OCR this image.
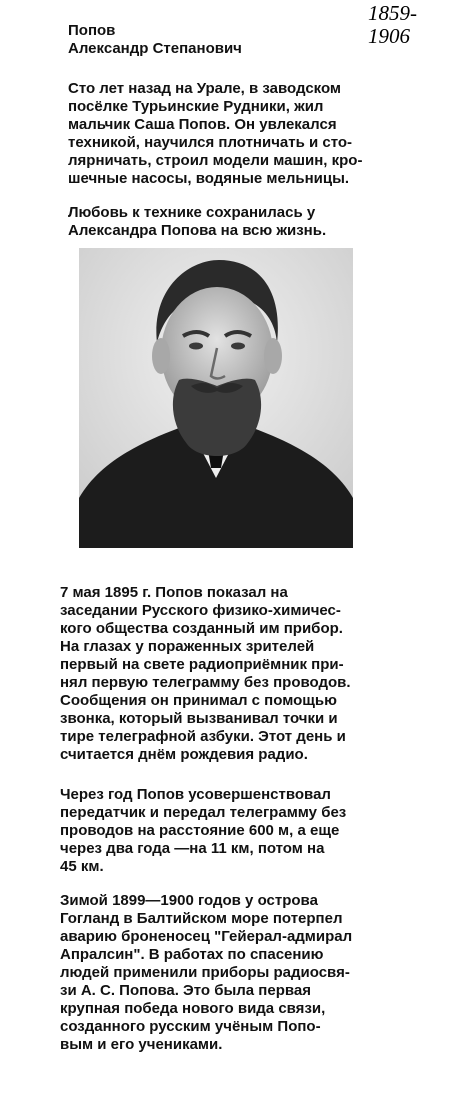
1859-
1906
Попов
Александр Степанович

Сто лет назад на Урале, в заводском
посёлке Турьинские Рудники, жил
мальчик Саша Попов. Он увлекался
техникой, научился плотничать и сто-
лярничать, строил модели машин, кро-
шечные насосы, водяные мельницы.

Любовь к технике сохранилась у
Александра Попова на всю жизнь.

7 мая 1895 г. Попов показал на
заседании Русского физико-химичес-
кого общества созданный им прибор.
На глазах у пораженных зрителей
первый на свете радиоприёмник при-
нял первую телеграмму без проводов.
Сообщения он принимал с помощью
звонка, который вызванивал точки и
тире телеграфной азбуки. Этот день и
считается днём рождевия радио.

Через год Попов усовершенствовал
передатчик и передал телеграмму без
проводов на расстояние 600 м, а еще
через два года —на 11 км, потом на
45 км.

Зимой 1899—1900 годов у острова
Гогланд в Балтийском море потерпел
аварию броненосец "Гейерал-адмирал
Апралсин". В работах по спасению
людей применили приборы радиосвя-
зи А. С. Попова. Это была первая
крупная победа нового вида связи,
созданного русским учёным Попо-
вым и его учениками.
